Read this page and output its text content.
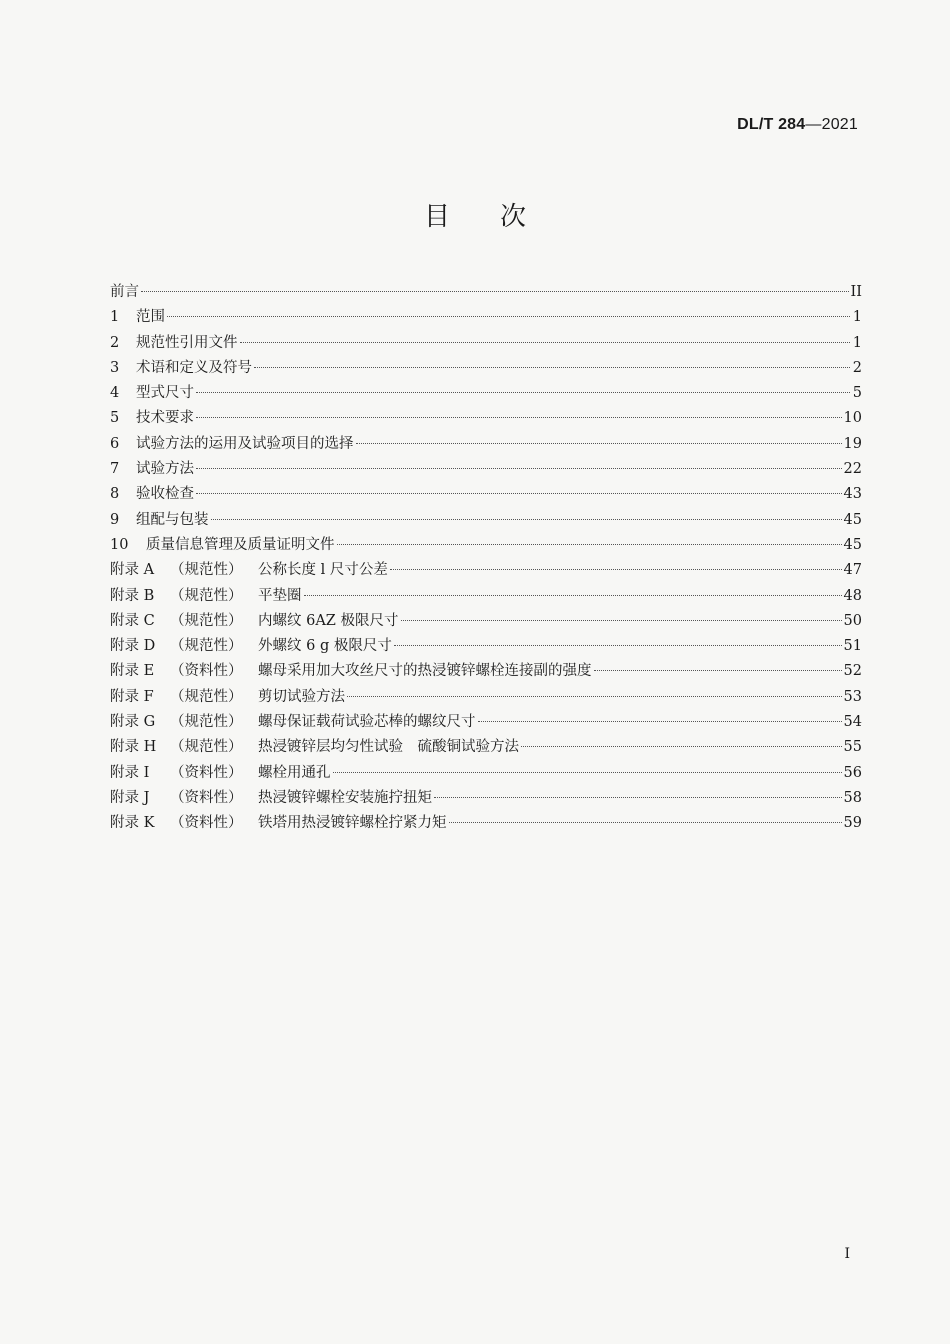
DL/T 284—2021
目次
前言	II
1 范围	1
2 规范性引用文件	1
3 术语和定义及符号	2
4 型式尺寸	5
5 技术要求	10
6 试验方法的运用及试验项目的选择	19
7 试验方法	22
8 验收检查	43
9 组配与包装	45
10 质量信息管理及质量证明文件	45
附录 A （规范性） 公称长度 l 尺寸公差	47
附录 B （规范性） 平垫圈	48
附录 C （规范性） 内螺纹 6AZ 极限尺寸	50
附录 D （规范性） 外螺纹 6 g 极限尺寸	51
附录 E （资料性） 螺母采用加大攻丝尺寸的热浸镀锌螺栓连接副的强度	52
附录 F （规范性） 剪切试验方法	53
附录 G （规范性） 螺母保证载荷试验芯棒的螺纹尺寸	54
附录 H （规范性） 热浸镀锌层均匀性试验　硫酸铜试验方法	55
附录 I （资料性） 螺栓用通孔	56
附录 J （资料性） 热浸镀锌螺栓安装施拧扭矩	58
附录 K （资料性） 铁塔用热浸镀锌螺栓拧紧力矩	59
I
